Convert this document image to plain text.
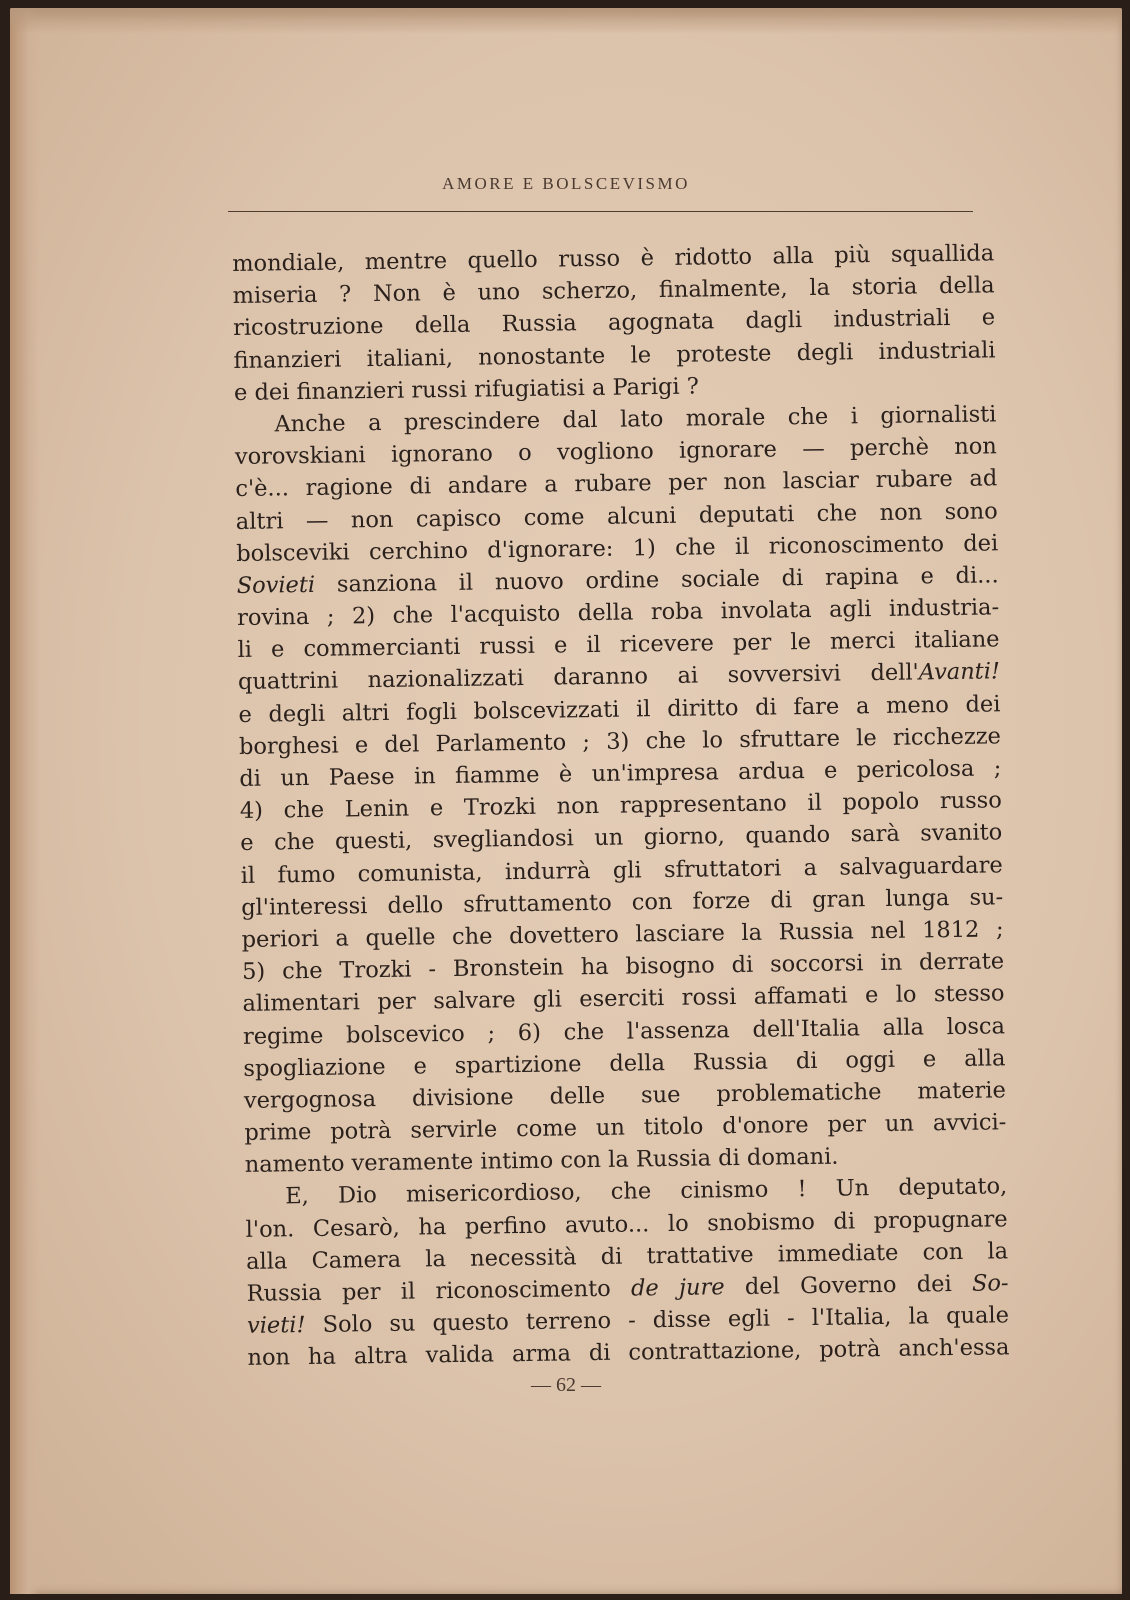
AMORE E BOLSCEVISMO
mondiale, mentre quello russo è ridotto alla più squallida
miseria ? Non è uno scherzo, finalmente, la storia della
ricostruzione della Russia agognata dagli industriali e
finanzieri italiani, nonostante le proteste degli industriali
e dei finanzieri russi rifugiatisi a Parigi ?
Anche a prescindere dal lato morale che i giornalisti
vorovskiani ignorano o vogliono ignorare — perchè non
c'è... ragione di andare a rubare per non lasciar rubare ad
altri — non capisco come alcuni deputati che non sono
bolsceviki cerchino d'ignorare: 1) che il riconoscimento dei
Sovieti sanziona il nuovo ordine sociale di rapina e di...
rovina ; 2) che l'acquisto della roba involata agli industria-
li e commercianti russi e il ricevere per le merci italiane
quattrini nazionalizzati daranno ai sovversivi dell'Avanti!
e degli altri fogli bolscevizzati il diritto di fare a meno dei
borghesi e del Parlamento ; 3) che lo sfruttare le ricchezze
di un Paese in fiamme è un'impresa ardua e pericolosa ;
4) che Lenin e Trozki non rappresentano il popolo russo
e che questi, svegliandosi un giorno, quando sarà svanito
il fumo comunista, indurrà gli sfruttatori a salvaguardare
gl'interessi dello sfruttamento con forze di gran lunga su-
periori a quelle che dovettero lasciare la Russia nel 1812 ;
5) che Trozki - Bronstein ha bisogno di soccorsi in derrate
alimentari per salvare gli eserciti rossi affamati e lo stesso
regime bolscevico ; 6) che l'assenza dell'Italia alla losca
spogliazione e spartizione della Russia di oggi e alla
vergognosa divisione delle sue problematiche materie
prime potrà servirle come un titolo d'onore per un avvici-
namento veramente intimo con la Russia di domani.
E, Dio misericordioso, che cinismo ! Un deputato,
l'on. Cesarò, ha perfino avuto... lo snobismo di propugnare
alla Camera la necessità di trattative immediate con la
Russia per il riconoscimento de jure del Governo dei So-
vieti! Solo su questo terreno - disse egli - l'Italia, la quale
non ha altra valida arma di contrattazione, potrà anch'essa
— 62 —
